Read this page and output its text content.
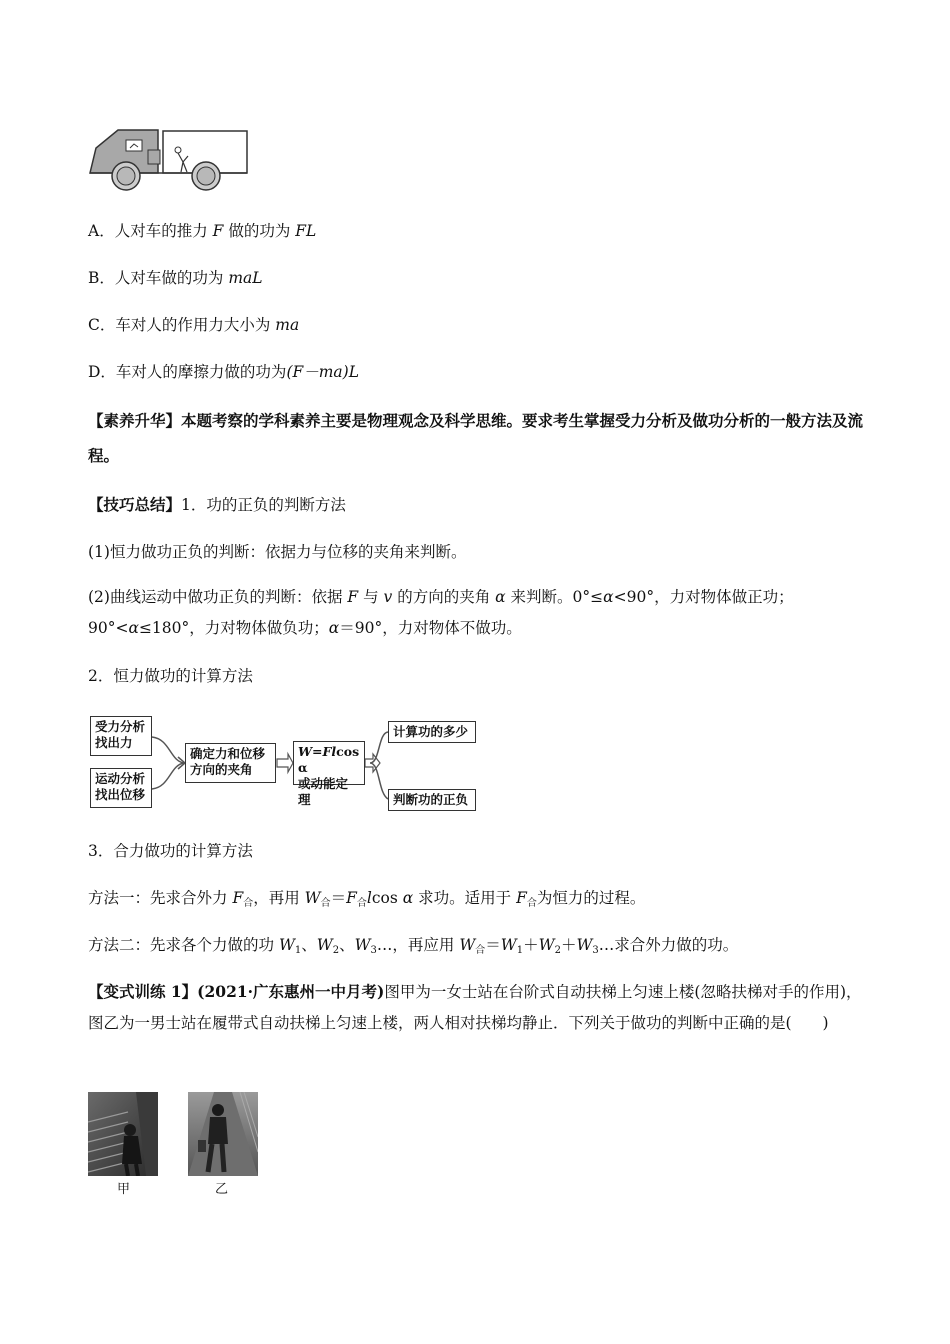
A．人对车的推力 F 做的功为 FL
B．人对车做的功为 maL
C．车对人的作用力大小为 ma
D．车对人的摩擦力做的功为(F－ma)L
【素养升华】本题考察的学科素养主要是物理观念及科学思维。要求考生掌握受力分析及做功分析的一般方法及流程。
【技巧总结】1．功的正负的判断方法
(1)恒力做功正负的判断：依据力与位移的夹角来判断。
(2)曲线运动中做功正负的判断：依据 F 与 v 的方向的夹角 α 来判断。0°≤α<90°，力对物体做正功；90°<α≤180°，力对物体做负功；α＝90°，力对物体不做功。
2．恒力做功的计算方法
受力分析
找出力
运动分析
找出位移
确定力和位移
方向的夹角
W=Flcos α
或动能定理
计算功的多少
判断功的正负
3．合力做功的计算方法
方法一：先求合外力 $F_合$，再用 $W_合=F_合lcos$ α 求功。适用于 $F_合$为恒力的过程。
方法二：先求各个力做的功 $W_1$、$W_2$、$W_3\dots$，再应用 $W_合=W_1+W_2+W_3\dots$求合外力做的功。
【变式训练 1】(2021·广东惠州一中月考)图甲为一女士站在台阶式自动扶梯上匀速上楼(忽略扶梯对手的作用)，图乙为一男士站在履带式自动扶梯上匀速上楼，两人相对扶梯均静止．下列关于做功的判断中正确的是(　　)
甲	乙
